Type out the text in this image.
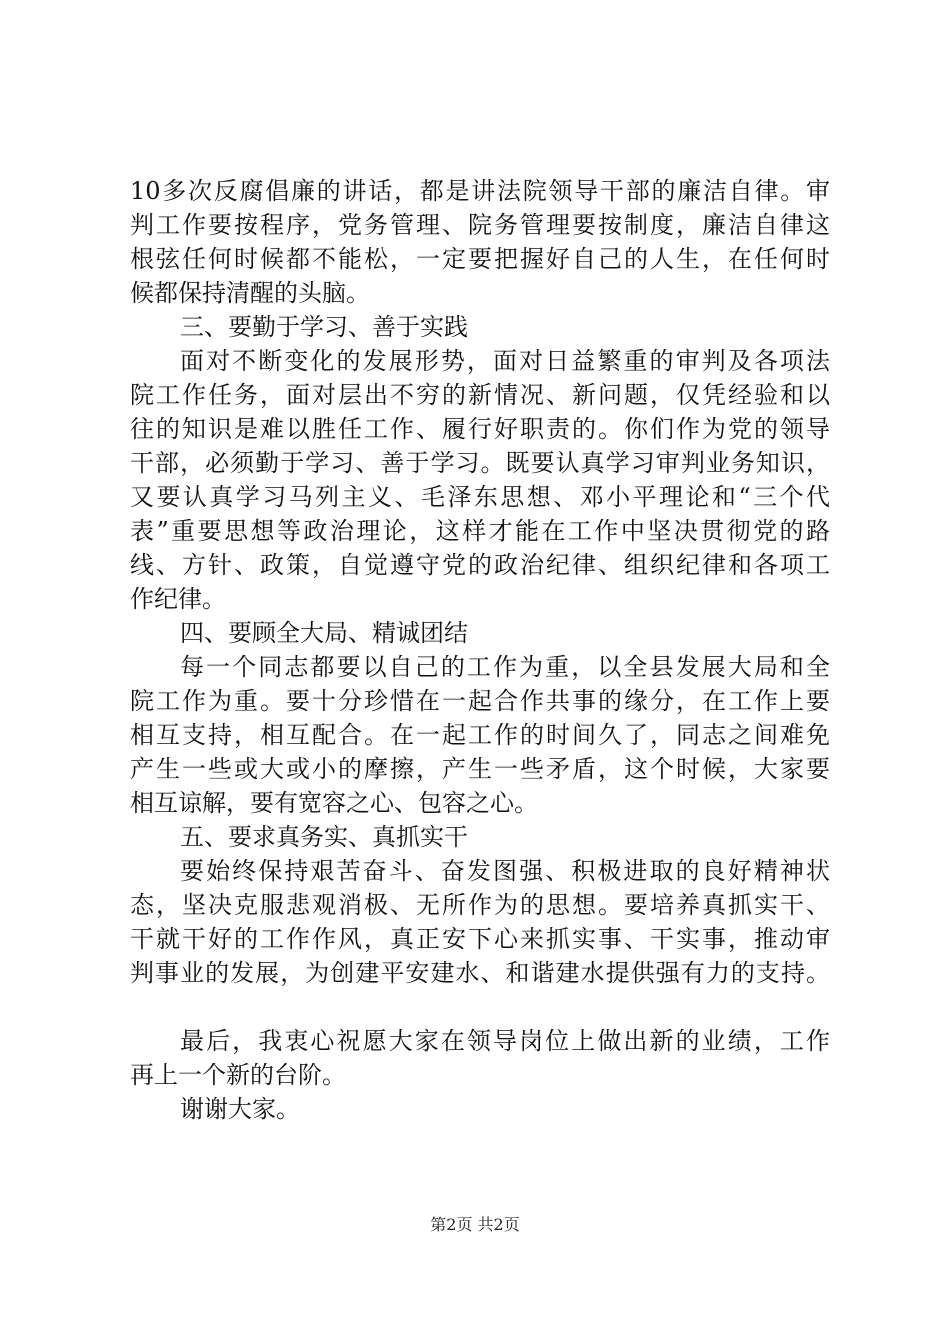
10多次反腐倡廉的讲话，都是讲法院领导干部的廉洁自律。审
判工作要按程序，党务管理、院务管理要按制度，廉洁自律这
根弦任何时候都不能松，一定要把握好自己的人生，在任何时
候都保持清醒的头脑。
三、要勤于学习、善于实践
面对不断变化的发展形势，面对日益繁重的审判及各项法
院工作任务，面对层出不穷的新情况、新问题，仅凭经验和以
往的知识是难以胜任工作、履行好职责的。你们作为党的领导
干部，必须勤于学习、善于学习。既要认真学习审判业务知识，
又要认真学习马列主义、毛泽东思想、邓小平理论和“三个代
表”重要思想等政治理论，这样才能在工作中坚决贯彻党的路
线、方针、政策，自觉遵守党的政治纪律、组织纪律和各项工
作纪律。
四、要顾全大局、精诚团结
每一个同志都要以自己的工作为重，以全县发展大局和全
院工作为重。要十分珍惜在一起合作共事的缘分，在工作上要
相互支持，相互配合。在一起工作的时间久了，同志之间难免
产生一些或大或小的摩擦，产生一些矛盾，这个时候，大家要
相互谅解，要有宽容之心、包容之心。
五、要求真务实、真抓实干
要始终保持艰苦奋斗、奋发图强、积极进取的良好精神状
态，坚决克服悲观消极、无所作为的思想。要培养真抓实干、
干就干好的工作作风，真正安下心来抓实事、干实事，推动审
判事业的发展，为创建平安建水、和谐建水提供强有力的支持。
最后，我衷心祝愿大家在领导岗位上做出新的业绩，工作
再上一个新的台阶。
谢谢大家。
第2页 共2页
